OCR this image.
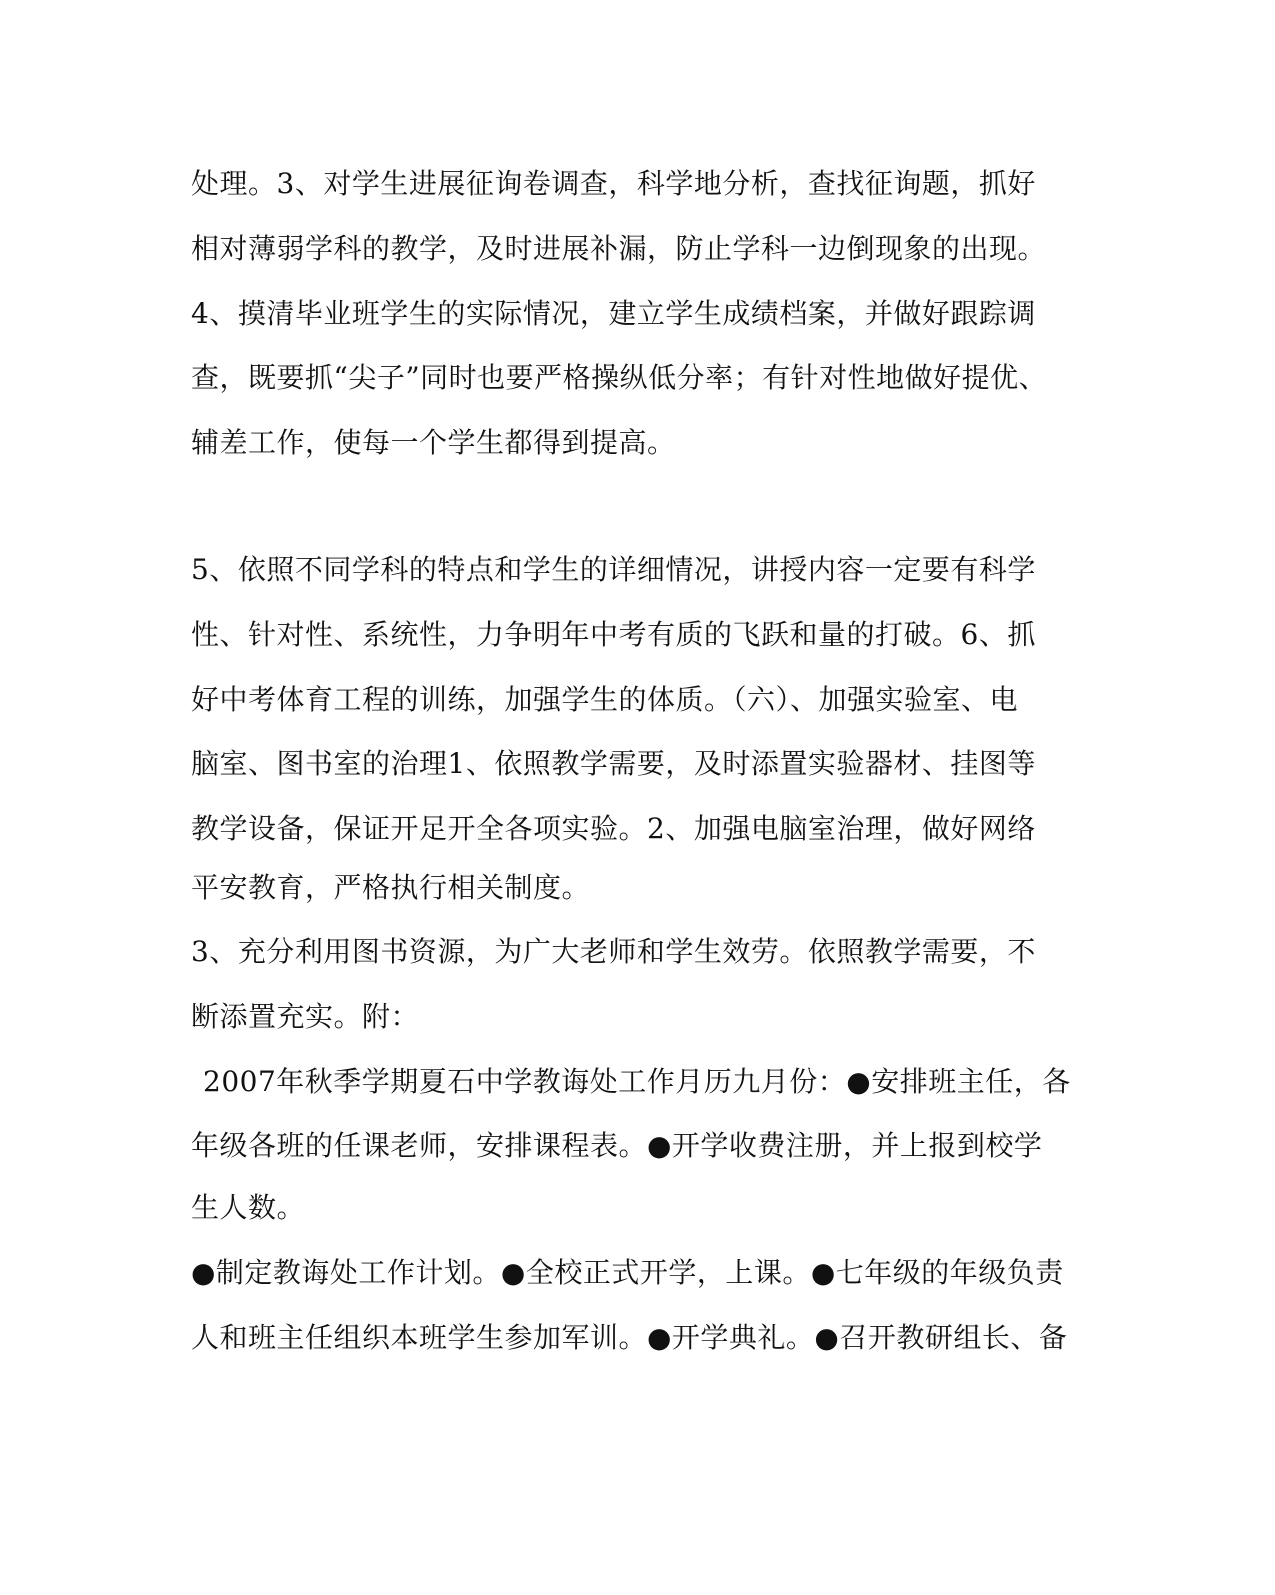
处理。3、对学生进展征询卷调查，科学地分析，查找征询题，抓好
相对薄弱学科的教学，及时进展补漏，防止学科一边倒现象的出现。
4、摸清毕业班学生的实际情况，建立学生成绩档案，并做好跟踪调
查，既要抓“尖子”同时也要严格操纵低分率；有针对性地做好提优、
辅差工作，使每一个学生都得到提高。
5、依照不同学科的特点和学生的详细情况，讲授内容一定要有科学
性、针对性、系统性，力争明年中考有质的飞跃和量的打破。6、抓
好中考体育工程的训练，加强学生的体质。（六）、加强实验室、电
脑室、图书室的治理1、依照教学需要，及时添置实验器材、挂图等
教学设备，保证开足开全各项实验。2、加强电脑室治理，做好网络
平安教育，严格执行相关制度。
3、充分利用图书资源，为广大老师和学生效劳。依照教学需要，不
断添置充实。附：
2007年秋季学期夏石中学教诲处工作月历九月份：●安排班主任，各
年级各班的任课老师，安排课程表。●开学收费注册，并上报到校学
生人数。
●制定教诲处工作计划。●全校正式开学，上课。●七年级的年级负责
人和班主任组织本班学生参加军训。●开学典礼。●召开教研组长、备
